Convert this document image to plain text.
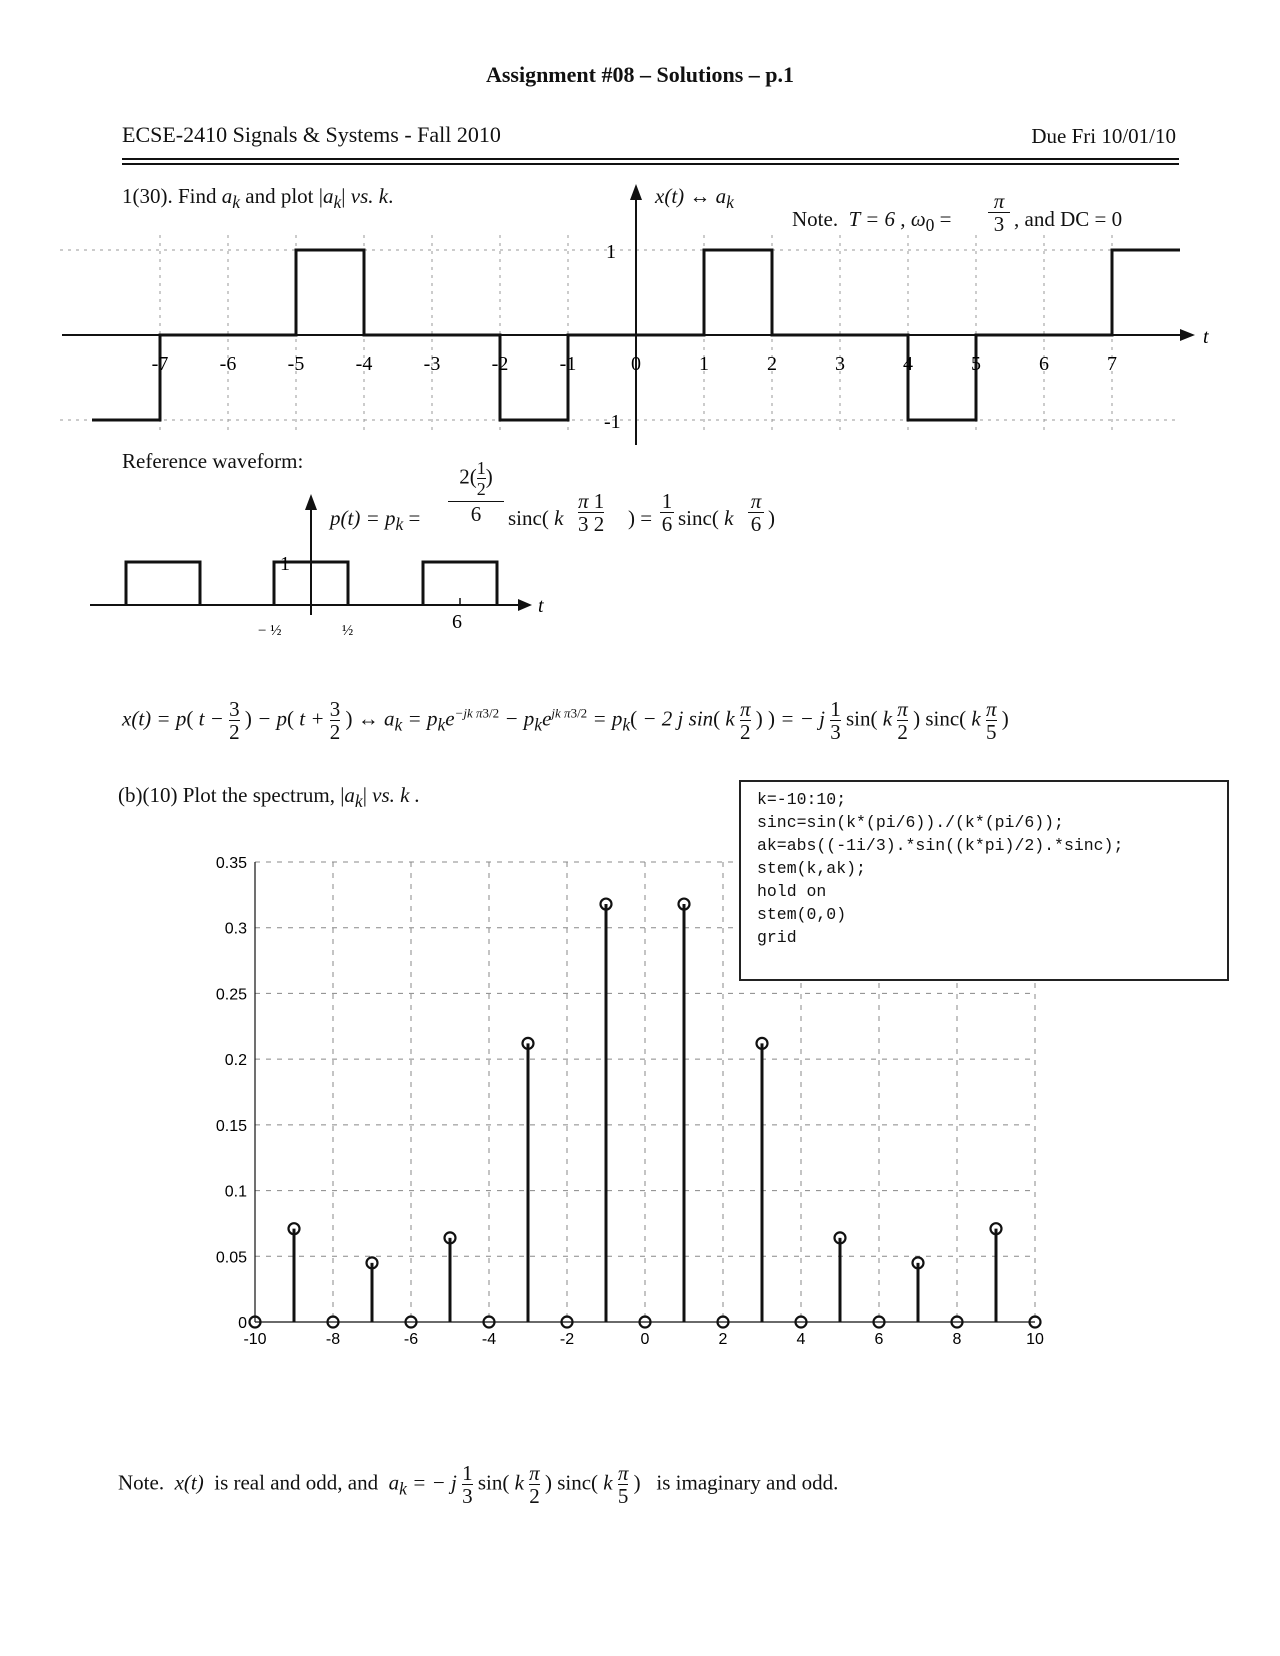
Assignment #08 – Solutions – p.1
ECSE-2410 Signals & Systems - Fall 2010	Due Fri 10/01/10
1(30). Find $a_k$ and plot $|a_k|$ vs. k.	x(t) ↔ $a_k$
Note. T = 6 , $\omega_0$ =
π
3 , and DC = 0
t
1
-1
-7	-6	-5	-4	-3	-2	-1	0	1	2	3	4	5	6	7
Reference waveform:
1
− ½	½	6
t
$p(t) = p_k$ =
$2( \frac{1}{2}$ )
6	sinc( k
π 1
3 2 ) =
1
6 sinc( k
π
6 )
x(t) = p( $t - \frac{3}{2}$ ) − p( $t + \frac{3}{2}$ ) ↔ $a_k = p_ke^{-jk \pi 3/2} - p_ke^{jk \pi 3/2} = p_k( - 2$ j sin( k $\frac{\pi}{2}$ ) ) = − j $\frac{1}{3} \sin$( k $\frac{\pi}{2}$ ) sinc( k $\frac{\pi}{5}$ )
(b)(10) Plot the spectrum, $|a_k|$ vs. k .
0
0.05
0.1
0.15
0.2
0.25
0.3
0.35
-10	-8	-6	-4	-2	0	2	4	6	8	10
k=-10:10;
sinc=sin(k*(pi/6))./(k*(pi/6));
ak=abs((-1i/3).*sin((k*pi)/2).*sinc);
stem(k,ak);
hold on
stem(0,0)
grid
Note. x(t) is real and odd, and $a_k$ = − j $\frac{1}{3} \sin$( k $\frac{\pi}{2}$ ) sinc( k $\frac{\pi}{5}$ )   is imaginary and odd.
